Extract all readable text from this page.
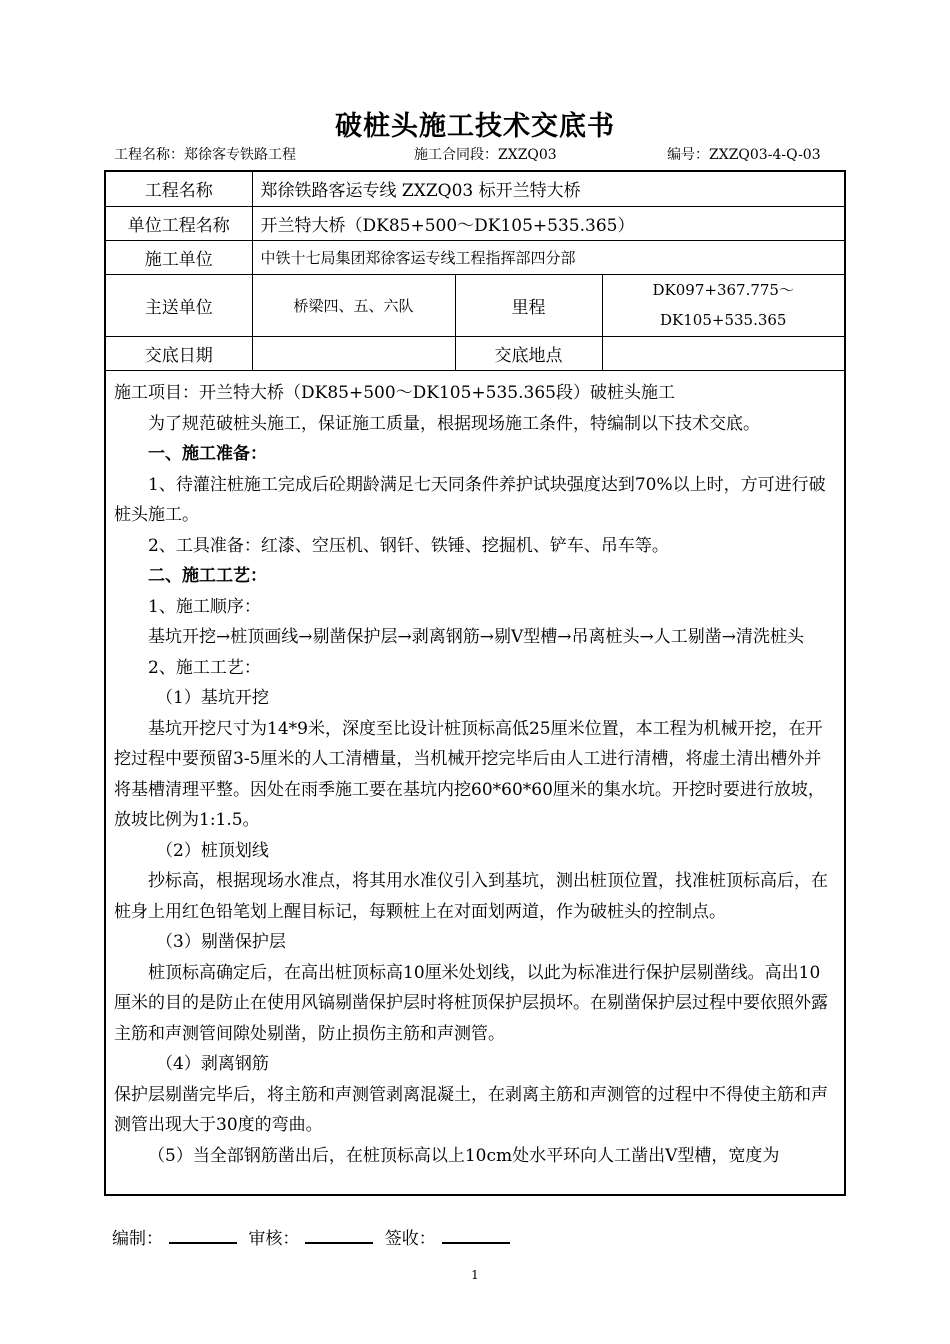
破桩头施工技术交底书
工程名称：郑徐客专铁路工程	施工合同段：ZXZQ03	编号：ZXZQ03-4-Q-03
工程名称	郑徐铁路客运专线 ZXZQ03 标开兰特大桥		
单位工程名称	开兰特大桥（DK85+500～DK105+535.365）		
施工单位	中铁十七局集团郑徐客运专线工程指挥部四分部		
主送单位	桥梁四、五、六队	里程	DK097+367.775～
DK105+535.365

交底日期		交底地点	

施工项目：开兰特大桥（DK85+500～DK105+535.365段）破桩头施工

为了规范破桩头施工，保证施工质量，根据现场施工条件，特编制以下技术交底。

一、施工准备：

1、待灌注桩施工完成后砼期龄满足七天同条件养护试块强度达到70%以上时，方可进行破桩头施工。

2、工具准备：红漆、空压机、钢钎、铁锤、挖掘机、铲车、吊车等。

二、施工工艺：

1、施工顺序：

基坑开挖→桩顶画线→剔凿保护层→剥离钢筋→剔V型槽→吊离桩头→人工剔凿→清洗桩头

2、施工工艺：

（1）基坑开挖

基坑开挖尺寸为14*9米，深度至比设计桩顶标高低25厘米位置，本工程为机械开挖，在开挖过程中要预留3-5厘米的人工清槽量，当机械开挖完毕后由人工进行清槽，将虚土清出槽外并将基槽清理平整。因处在雨季施工要在基坑内挖60*60*60厘米的集水坑。开挖时要进行放坡，放坡比例为1:1.5。

（2）桩顶划线

抄标高，根据现场水准点，将其用水准仪引入到基坑，测出桩顶位置，找准桩顶标高后，在桩身上用红色铅笔划上醒目标记，每颗桩上在对面划两道，作为破桩头的控制点。

（3）剔凿保护层

桩顶标高确定后，在高出桩顶标高10厘米处划线，以此为标准进行保护层剔凿线。高出10厘米的目的是防止在使用风镐剔凿保护层时将桩顶保护层损坏。在剔凿保护层过程中要依照外露主筋和声测管间隙处剔凿，防止损伤主筋和声测管。

（4）剥离钢筋

保护层剔凿完毕后，将主筋和声测管剥离混凝土，在剥离主筋和声测管的过程中不得使主筋和声测管出现大于30度的弯曲。

（5）当全部钢筋凿出后，在桩顶标高以上10cm处水平环向人工凿出V型槽，宽度为

编制：	审核：	签收：
1
